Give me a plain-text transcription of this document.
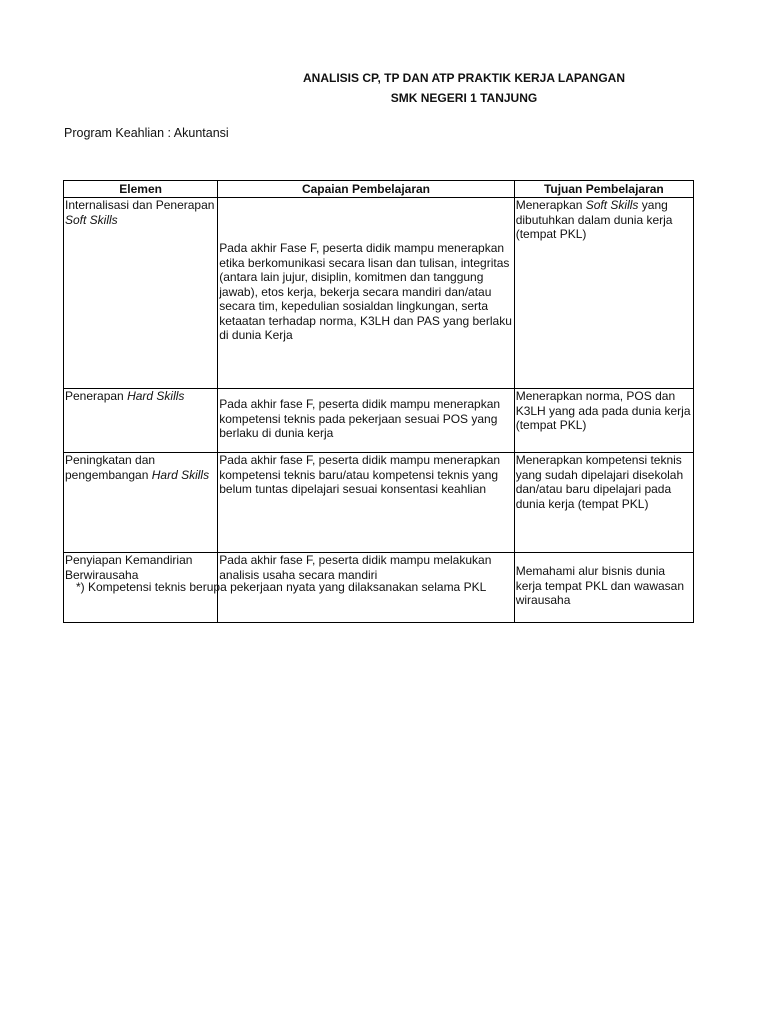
ANALISIS CP, TP DAN ATP PRAKTIK KERJA LAPANGAN
SMK NEGERI 1 TANJUNG
Program Keahlian : Akuntansi
Elemen	Capaian Pembelajaran	Tujuan Pembelajaran
Internalisasi dan Penerapan Soft Skills	Pada akhir Fase F, peserta didik mampu menerapkan etika berkomunikasi secara lisan dan tulisan, integritas (antara lain jujur, disiplin, komitmen dan tanggung jawab), etos kerja, bekerja secara mandiri dan/atau secara tim, kepedulian sosialdan lingkungan, serta ketaatan terhadap norma, K3LH dan PAS yang berlaku di dunia Kerja	Menerapkan Soft Skills yang dibutuhkan dalam dunia kerja (tempat PKL)
Penerapan Hard Skills	Pada akhir fase F, peserta didik mampu menerapkan kompetensi teknis pada pekerjaan sesuai POS yang berlaku di dunia kerja	Menerapkan norma, POS dan K3LH yang ada pada dunia kerja (tempat PKL)
Peningkatan dan pengembangan Hard Skills	Pada akhir fase F, peserta didik mampu menerapkan kompetensi teknis baru/atau kompetensi teknis yang belum tuntas dipelajari sesuai konsentasi keahlian	Menerapkan kompetensi teknis yang sudah dipelajari disekolah dan/atau baru dipelajari pada dunia kerja (tempat PKL)
Penyiapan Kemandirian Berwirausaha	Pada akhir fase F, peserta didik mampu melakukan analisis usaha secara mandiri	Memahami alur bisnis dunia kerja tempat PKL dan wawasan wirausaha
*) Kompetensi teknis berupa pekerjaan nyata yang dilaksanakan selama PKL
